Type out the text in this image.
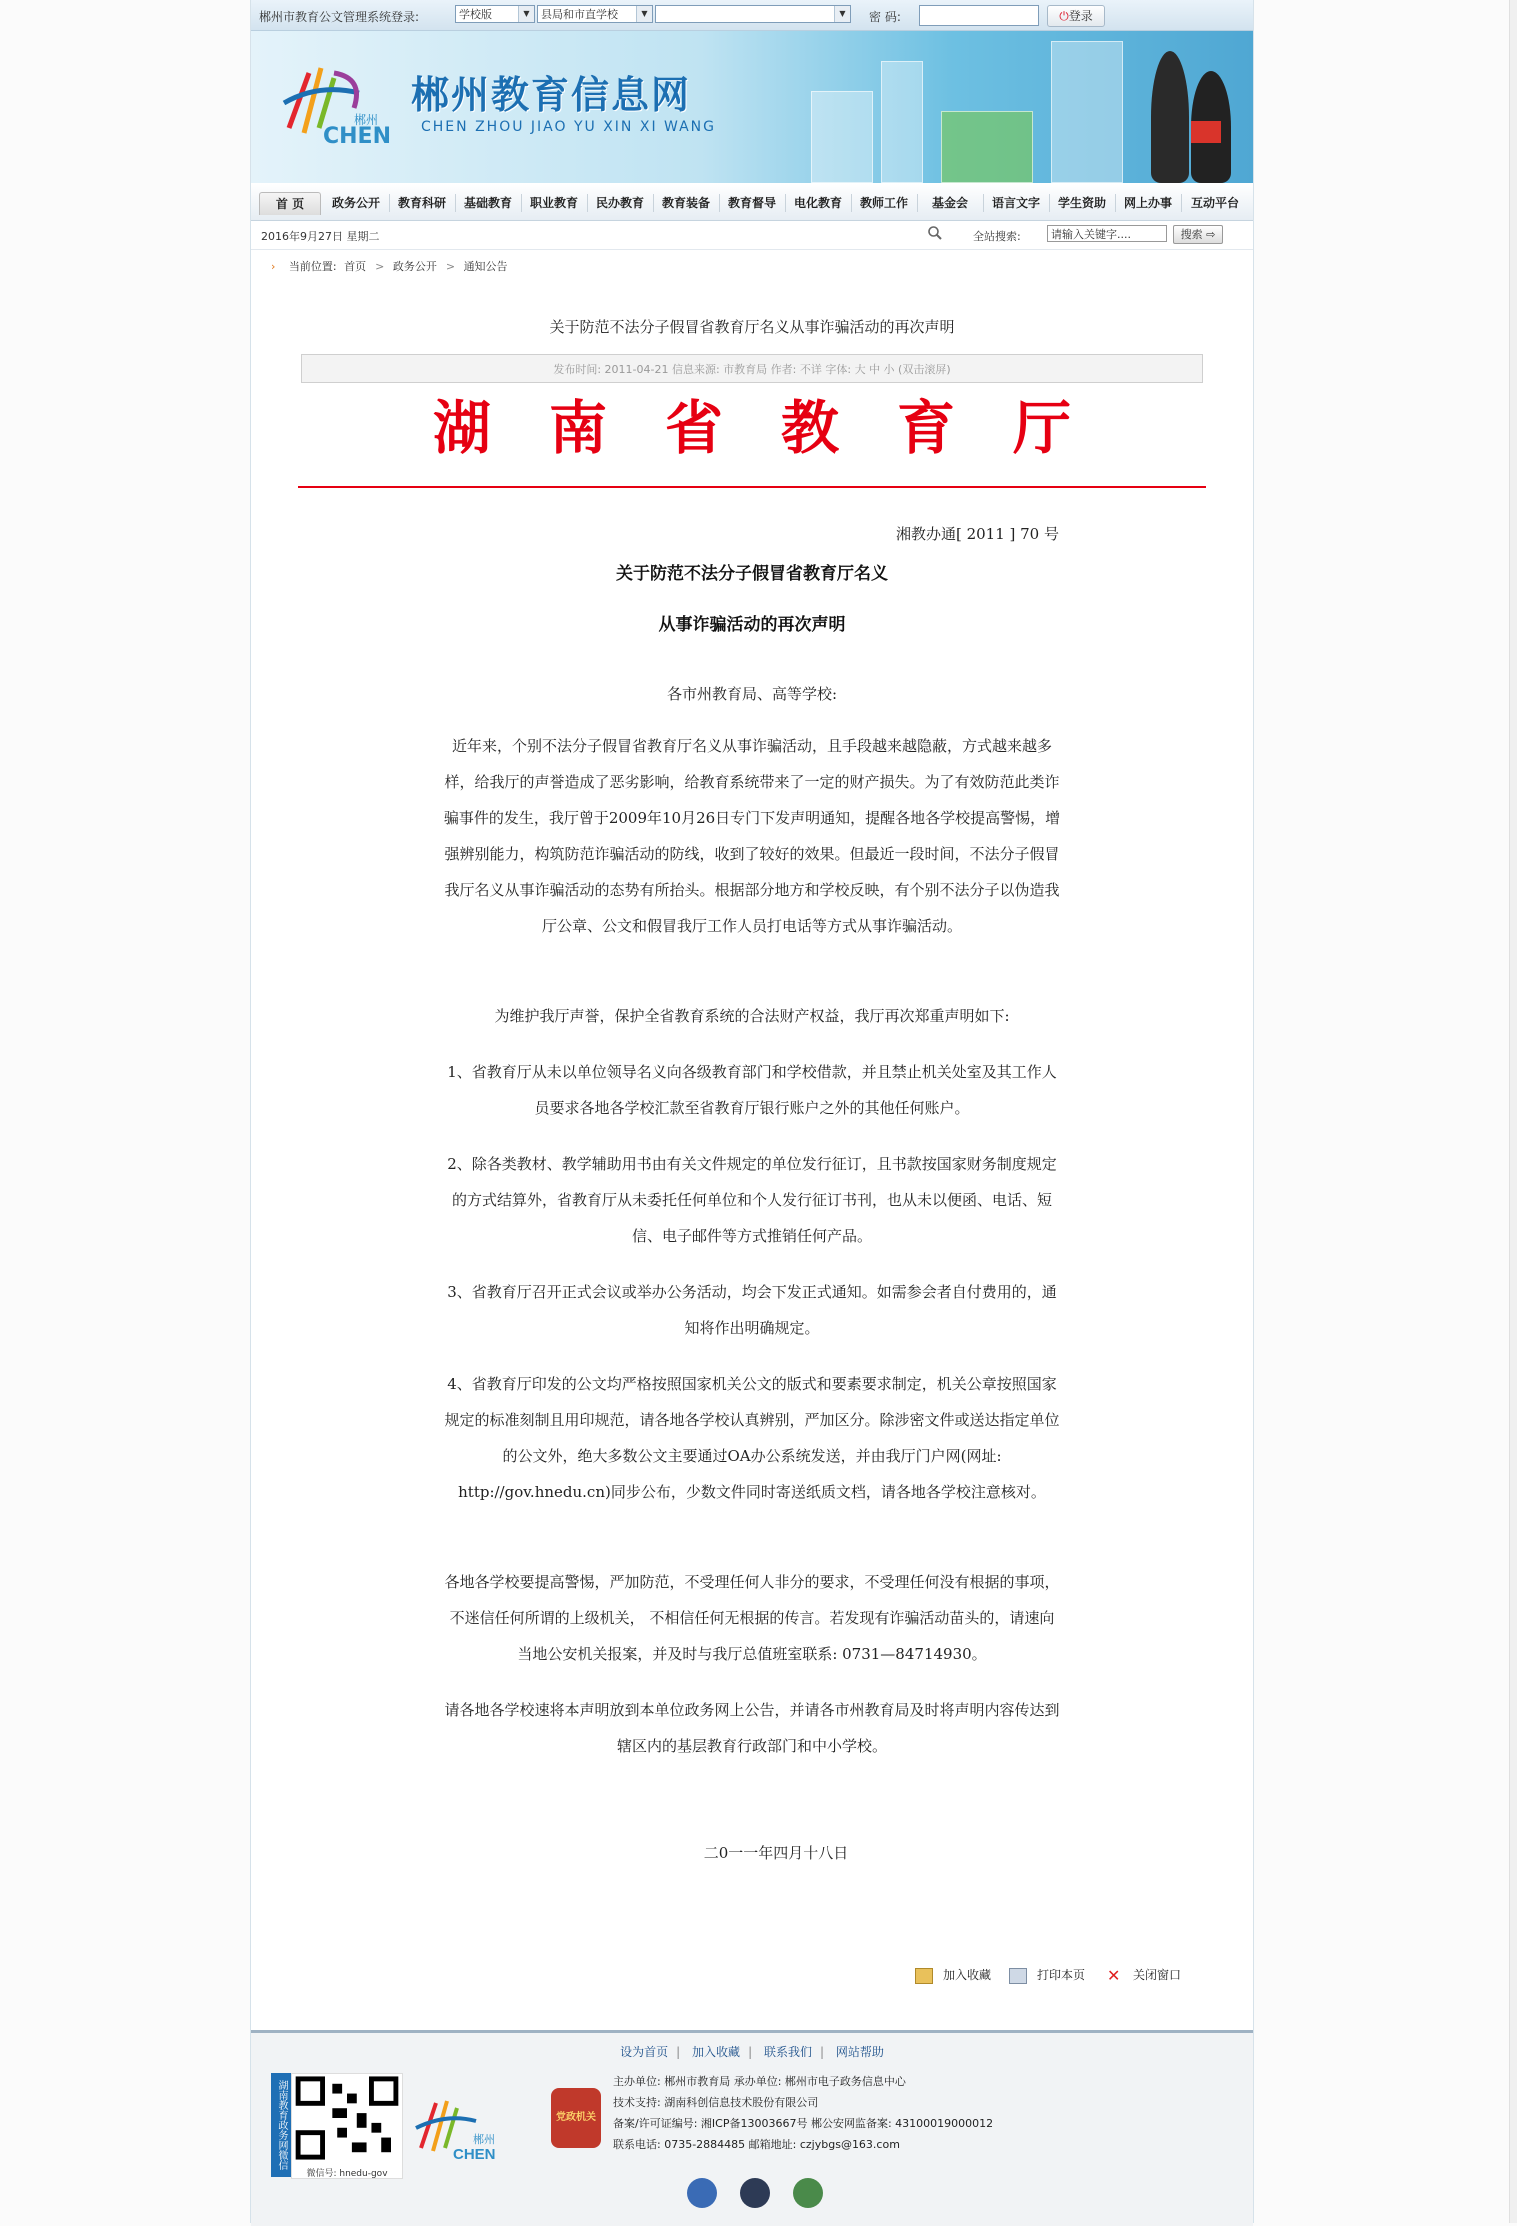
郴州市教育公文管理系统登录:	学校版	▼	县局和市直学校	▼	▼	密 码:	⏻登录
郴州
CHEN
郴州教育信息网
CHEN ZHOU JIAO YU XIN XI WANG
首 页	政务公开	教育科研	基础教育	职业教育	民办教育	教育装备	教育督导	电化教育	教师工作	基金会	语言文字	学生资助	网上办事	互动平台
2016年9月27日 星期二	全站搜索:	请输入关键字....	搜索 ⇨
› 当前位置: 首页 > 政务公开 > 通知公告
关于防范不法分子假冒省教育厅名义从事诈骗活动的再次声明
发布时间: 2011-04-21 信息来源: 市教育局 作者: 不详 字体: 大 中 小 (双击滚屏)
湖南省教育厅
湘教办通[ 2011 ] 70 号
关于防范不法分子假冒省教育厅名义
从事诈骗活动的再次声明

各市州教育局、高等学校:

近年来，个别不法分子假冒省教育厅名义从事诈骗活动，且手段越来越隐蔽，方式越来越多样，给我厅的声誉造成了恶劣影响，给教育系统带来了一定的财产损失。为了有效防范此类诈骗事件的发生，我厅曾于2009年10月26日专门下发声明通知，提醒各地各学校提高警惕，增强辨别能力，构筑防范诈骗活动的防线，收到了较好的效果。但最近一段时间，不法分子假冒我厅名义从事诈骗活动的态势有所抬头。根据部分地方和学校反映，有个别不法分子以伪造我厅公章、公文和假冒我厅工作人员打电话等方式从事诈骗活动。

为维护我厅声誉，保护全省教育系统的合法财产权益，我厅再次郑重声明如下:

1、省教育厅从未以单位领导名义向各级教育部门和学校借款，并且禁止机关处室及其工作人员要求各地各学校汇款至省教育厅银行账户之外的其他任何账户。

2、除各类教材、教学辅助用书由有关文件规定的单位发行征订，且书款按国家财务制度规定的方式结算外，省教育厅从未委托任何单位和个人发行征订书刊，也从未以便函、电话、短信、电子邮件等方式推销任何产品。

3、省教育厅召开正式会议或举办公务活动，均会下发正式通知。如需参会者自付费用的，通知将作出明确规定。

4、省教育厅印发的公文均严格按照国家机关公文的版式和要素要求制定，机关公章按照国家规定的标准刻制且用印规范，请各地各学校认真辨别，严加区分。除涉密文件或送达指定单位的公文外，绝大多数公文主要通过OA办公系统发送，并由我厅门户网(网址: http://gov.hnedu.cn)同步公布，少数文件同时寄送纸质文档，请各地各学校注意核对。

各地各学校要提高警惕，严加防范，不受理任何人非分的要求，不受理任何没有根据的事项，不迷信任何所谓的上级机关， 不相信任何无根据的传言。若发现有诈骗活动苗头的，请速向当地公安机关报案，并及时与我厅总值班室联系: 0731—84714930。

请各地各学校速将本声明放到本单位政务网上公告，并请各市州教育局及时将声明内容传达到辖区内的基层教育行政部门和中小学校。

二0一一年四月十八日
加入收藏	打印本页 ✕ 关闭窗口
设为首页 | 加入收藏 | 联系我们 | 网站帮助
湖南教育政务网微信
微信号: hnedu-gov
郴州
CHEN
党政机关
主办单位: 郴州市教育局 承办单位: 郴州市电子政务信息中心
技术支持: 湖南科创信息技术股份有限公司
备案/许可证编号: 湘ICP备13003667号 郴公安网监备案: 43100019000012
联系电话: 0735-2884485 邮箱地址: czjybgs@163.com
